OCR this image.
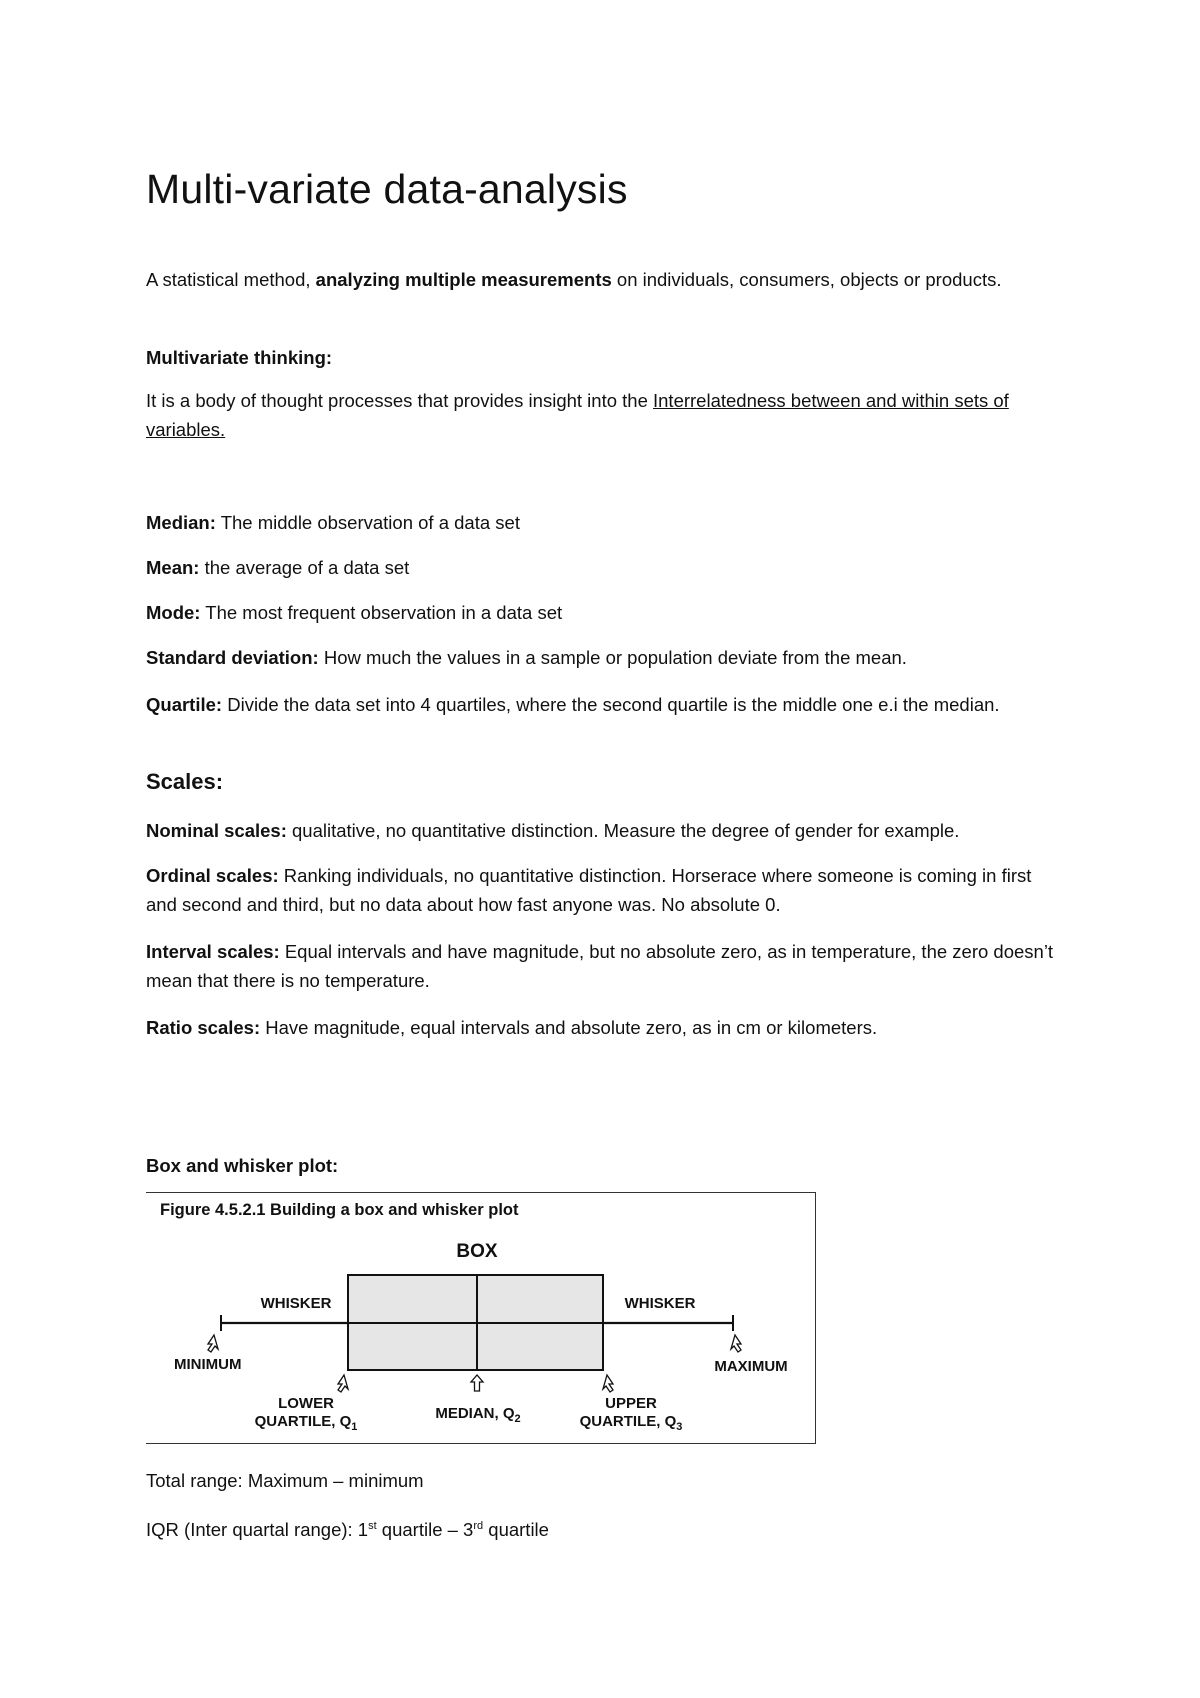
Multi-variate data-analysis

A statistical method, analyzing multiple measurements on individuals, consumers, objects or products.

Multivariate thinking:

It is a body of thought processes that provides insight into the Interrelatedness between and within sets of variables.

Median: The middle observation of a data set

Mean: the average of a data set

Mode: The most frequent observation in a data set

Standard deviation: How much the values in a sample or population deviate from the mean.

Quartile: Divide the data set into 4 quartiles, where the second quartile is the middle one e.i the median.

Scales:

Nominal scales: qualitative, no quantitative distinction. Measure the degree of gender for example.

Ordinal scales: Ranking individuals, no quantitative distinction. Horserace where someone is coming in first and second and third, but no data about how fast anyone was. No absolute 0.

Interval scales: Equal intervals and have magnitude, but no absolute zero, as in temperature, the zero doesn’t mean that there is no temperature.

Ratio scales: Have magnitude, equal intervals and absolute zero, as in cm or kilometers.

Box and whisker plot:

Figure 4.5.2.1 Building a box and whisker plot
BOX
WHISKER	WHISKER
MINIMUM	MAXIMUM
LOWER
QUARTILE, $Q_1$
MEDIAN, $Q_2$
UPPER
QUARTILE, $Q_3$

Total range: Maximum – minimum

IQR (Inter quartal range): 1st quartile – 3rd quartile
